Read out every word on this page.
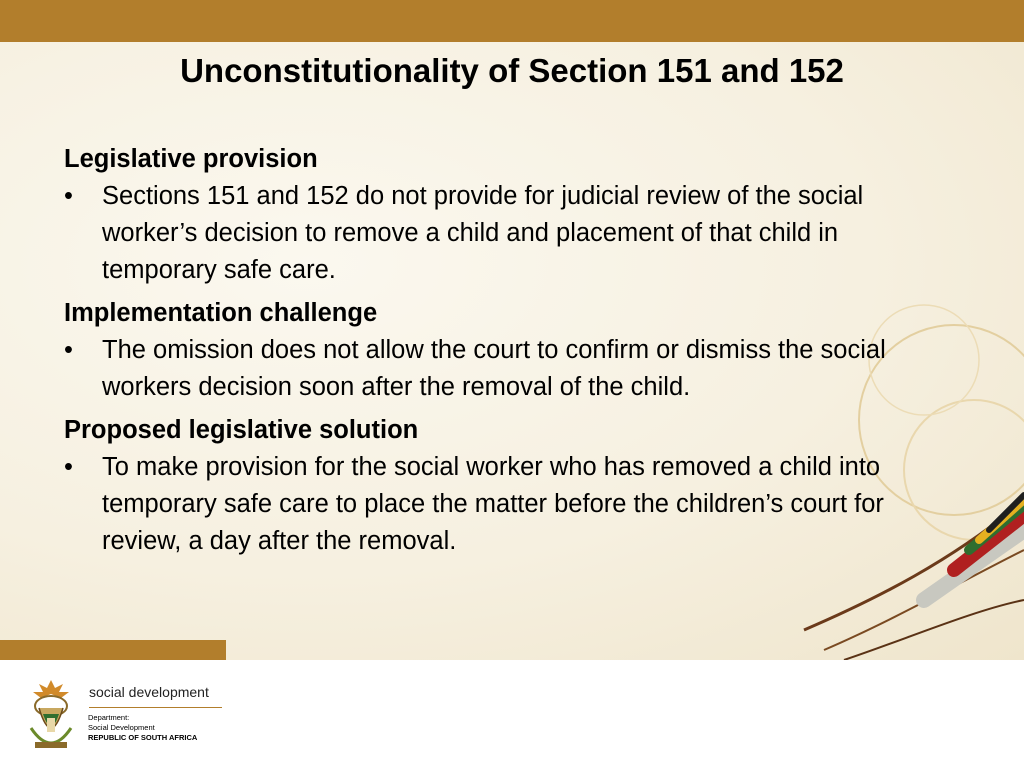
Unconstitutionality of Section 151 and 152
Legislative provision
• Sections 151 and 152 do not provide for judicial review of the social worker’s decision to remove a child and placement of that child in temporary safe care.
Implementation challenge
• The omission does not allow the court to confirm or dismiss the social workers decision soon after the removal of the child.
Proposed legislative solution
• To make provision for the social worker who has removed a child into temporary safe care to place the matter before the children’s court for review, a day after the removal.
social development
Department:
Social Development
REPUBLIC OF SOUTH AFRICA
